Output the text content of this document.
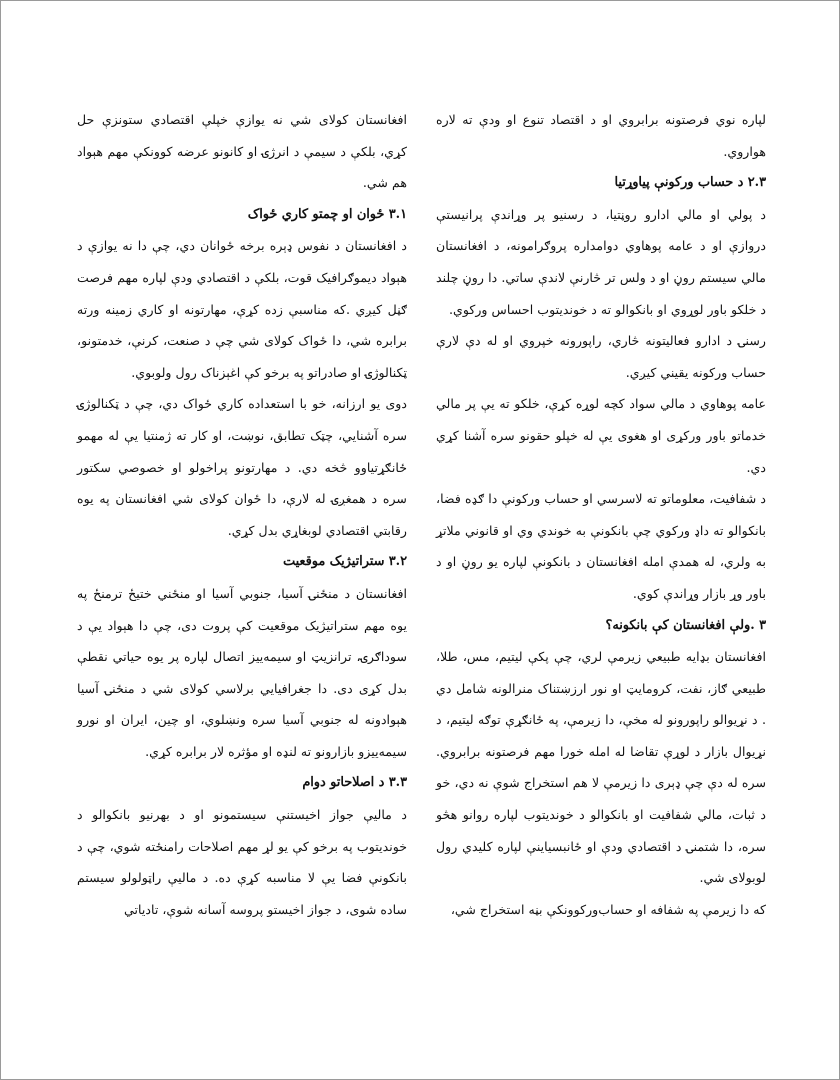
لپاره نوي فرصتونه برابروي او د اقتصاد تنوع او ودې ته لاره هواروي.

۲.۳ د حساب ورکونې پیاوړتیا

د پولي او مالي ادارو روڼتیا، د رسنیو پر وړاندې پرانیستې دروازې او د عامه پوهاوي دوامداره پروګرامونه، د افغانستان مالي سیستم روڼ او د ولس تر څارنې لاندې ساتي. دا روڼ چلند د خلکو باور لوړوي او بانکوالو ته د خونديتوب احساس ورکوي.

رسنۍ د ادارو فعالیتونه څاري، راپورونه خپروي او له دې لارې حساب ورکونه یقیني کیږي.

عامه پوهاوي د مالي سواد کچه لوړه کړې، خلکو ته یې پر مالي خدماتو باور ورکړی او هغوی یې له خپلو حقونو سره آشنا کړي دي.

د شفافیت، معلوماتو ته لاسرسي او حساب ورکونې دا ګډه فضا، بانکوالو ته داډ ورکوي چې بانکونې به خوندي وي او قانوني ملاتړ به ولري، له همدې امله افغانستان د بانکونې لپاره یو روڼ او د باور وړ بازار وړاندې کوي.

۳ .ولې افغانستان کې بانکونه؟

افغانستان بډایه طبیعي زیرمې لري، چې پکې لیتیم، مس، طلا، طبیعي ګاز، نفت، کرومایټ او نور ارزښتناک منرالونه شامل دي . د نړیوالو راپورونو له مخې، دا زیرمې، په ځانګړې توګه لیتیم، د نړیوال بازار د لوړې تقاضا له امله خورا مهم فرصتونه برابروي. سره له دې چې ډېری دا زیرمې لا هم استخراج شوې نه دي، خو د ثبات، مالي شفافیت او بانکوالو د خونديتوب لپاره روانو هڅو سره، دا شتمنۍ د اقتصادي ودې او ځانبسیاینې لپاره کلیدي رول لوبولای شي.

که دا زیرمې په شفافه او حساب‌ورکوونکې بڼه استخراج شي،

افغانستان کولای شي نه یوازې خپلې اقتصادي ستونزې حل کړي، بلکې د سیمې د انرژۍ او کانونو عرضه کوونکې مهم هېواد هم شي.

۳.۱ ځوان او چمتو کاري ځواک

د افغانستان د نفوس ډېره برخه ځوانان دي، چې دا نه یوازې د هېواد دیموګرافیک قوت، بلکې د اقتصادي ودې لپاره مهم فرصت ګڼل کیږي .که مناسبې زده کړې، مهارتونه او کاري زمینه ورته برابره شي، دا ځواک کولای شي چې د صنعت، کرنې، خدمتونو، ټکنالوژۍ او صادراتو په برخو کې اغېزناک رول ولوبوي.

دوی یو ارزانه، خو با استعداده کاري ځواک دي، چې د ټکنالوژۍ سره آشنايي، چټک تطابق، نوښت، او کار ته ژمنتيا یې له مهمو ځانګړتیاوو څخه دي. د مهارتونو پراخولو او خصوصي سکتور سره د همغږۍ له لارې، دا ځوان کولای شي افغانستان په یوه رقابتي اقتصادي لوبغاړي بدل کړي.

۳.۲ ستراتیژیک موقعیت

افغانستان د منځنۍ آسیا، جنوبي آسیا او منځني ختیځ ترمنځ په یوه مهم ستراتیژیک موقعیت کې پروت دی، چې دا هېواد یې د سوداګرۍ، ترانزیټ او سیمه‌ییز اتصال لپاره پر یوه حیاتي نقطې بدل کړی دی. دا جغرافیایي برلاسي کولای شي د منځنۍ آسیا هېوادونه له جنوبي آسیا سره ونښلوي، او چین، ایران او نورو سیمه‌ییزو بازارونو ته لنډه او مؤثره لار برابره کړي.

۳.۳ د اصلاحاتو دوام

د مالیې جواز اخیستنې سیستمونو او د بهرنیو بانکوالو د خونديتوب په برخو کې یو لړ مهم اصلاحات رامنځته شوي، چې د بانکونې فضا یې لا مناسبه کړې ده. د مالیې راټولولو سیستم ساده شوی، د جواز اخیستو پروسه آسانه شوې، تادیاتي
